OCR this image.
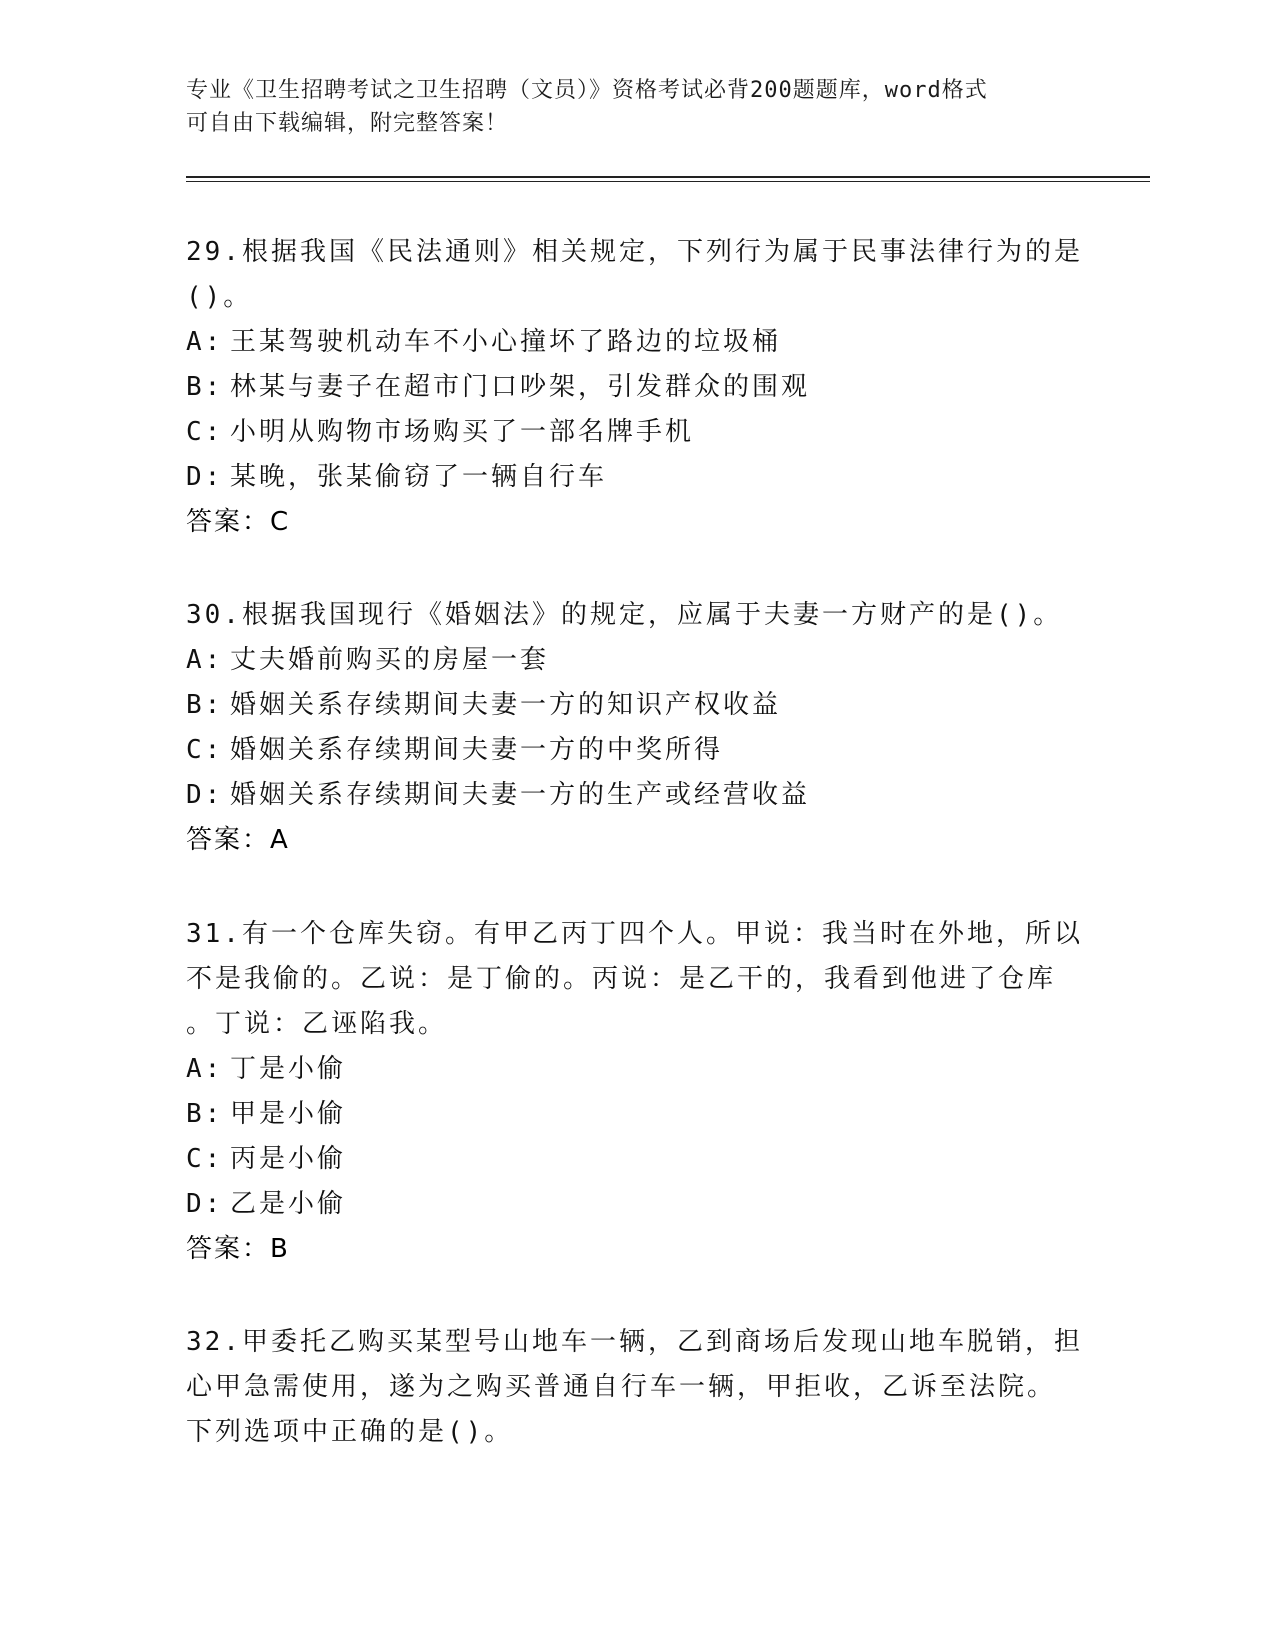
专业《卫生招聘考试之卫生招聘（文员）》资格考试必背200题题库，word格式
可自由下载编辑，附完整答案！

29.根据我国《民法通则》相关规定，下列行为属于民事法律行为的是

()。

A: 王某驾驶机动车不小心撞坏了路边的垃圾桶

B: 林某与妻子在超市门口吵架，引发群众的围观

C: 小明从购物市场购买了一部名牌手机

D: 某晚，张某偷窃了一辆自行车

答案：C

30.根据我国现行《婚姻法》的规定，应属于夫妻一方财产的是()。

A: 丈夫婚前购买的房屋一套

B: 婚姻关系存续期间夫妻一方的知识产权收益

C: 婚姻关系存续期间夫妻一方的中奖所得

D: 婚姻关系存续期间夫妻一方的生产或经营收益

答案：A

31.有一个仓库失窃。有甲乙丙丁四个人。甲说：我当时在外地，所以

不是我偷的。乙说：是丁偷的。丙说：是乙干的，我看到他进了仓库

。丁说：乙诬陷我。

A: 丁是小偷

B: 甲是小偷

C: 丙是小偷

D: 乙是小偷

答案：B

32.甲委托乙购买某型号山地车一辆，乙到商场后发现山地车脱销，担

心甲急需使用，遂为之购买普通自行车一辆，甲拒收，乙诉至法院。

下列选项中正确的是()。
